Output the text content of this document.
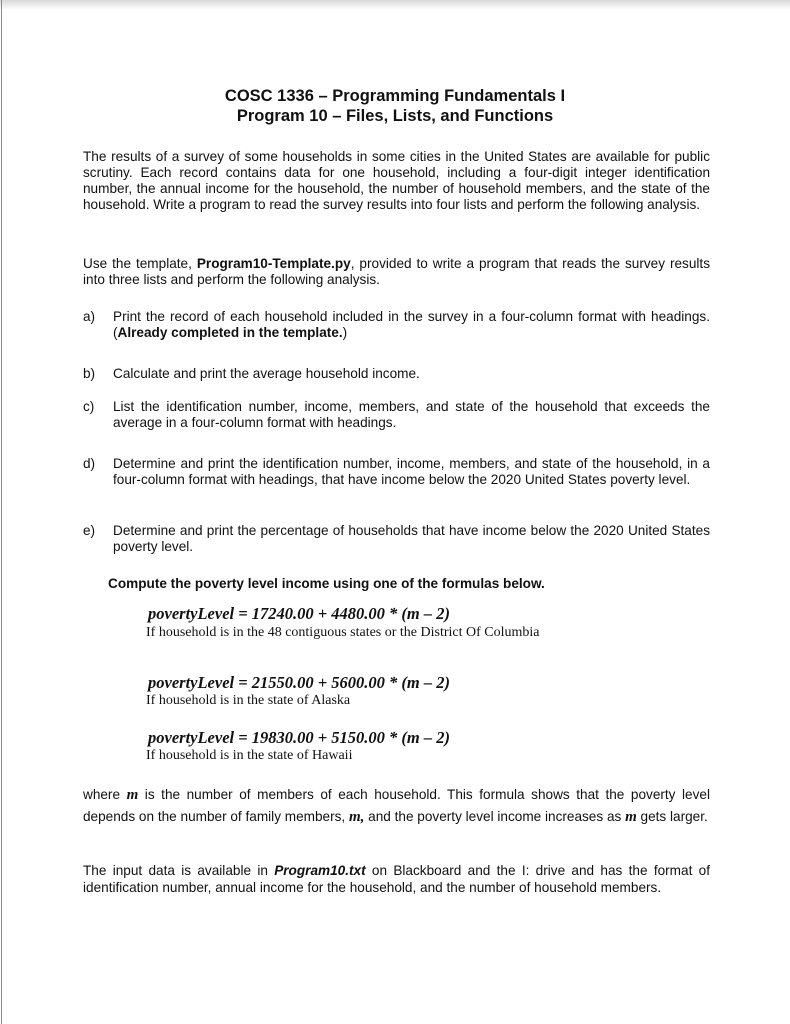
COSC 1336 – Programming Fundamentals I
Program 10 – Files, Lists, and Functions
The results of a survey of some households in some cities in the United States are available for public scrutiny. Each record contains data for one household, including a four-digit integer identification number, the annual income for the household, the number of household members, and the state of the household. Write a program to read the survey results into four lists and perform the following analysis.
Use the template, Program10-Template.py, provided to write a program that reads the survey results into three lists and perform the following analysis.
a) Print the record of each household included in the survey in a four-column format with headings. (Already completed in the template.)
b) Calculate and print the average household income.
c) List the identification number, income, members, and state of the household that exceeds the average in a four-column format with headings.
d) Determine and print the identification number, income, members, and state of the household, in a four-column format with headings, that have income below the 2020 United States poverty level.
e) Determine and print the percentage of households that have income below the 2020 United States poverty level.
Compute the poverty level income using one of the formulas below.
povertyLevel = 17240.00 + 4480.00 * (m – 2)
If household is in the 48 contiguous states or the District Of Columbia
povertyLevel = 21550.00 + 5600.00 * (m – 2)
If household is in the state of Alaska
povertyLevel = 19830.00 + 5150.00 * (m – 2)
If household is in the state of Hawaii
where m is the number of members of each household. This formula shows that the poverty level depends on the number of family members, m, and the poverty level income increases as m gets larger.
The input data is available in Program10.txt on Blackboard and the I: drive and has the format of identification number, annual income for the household, and the number of household members.
